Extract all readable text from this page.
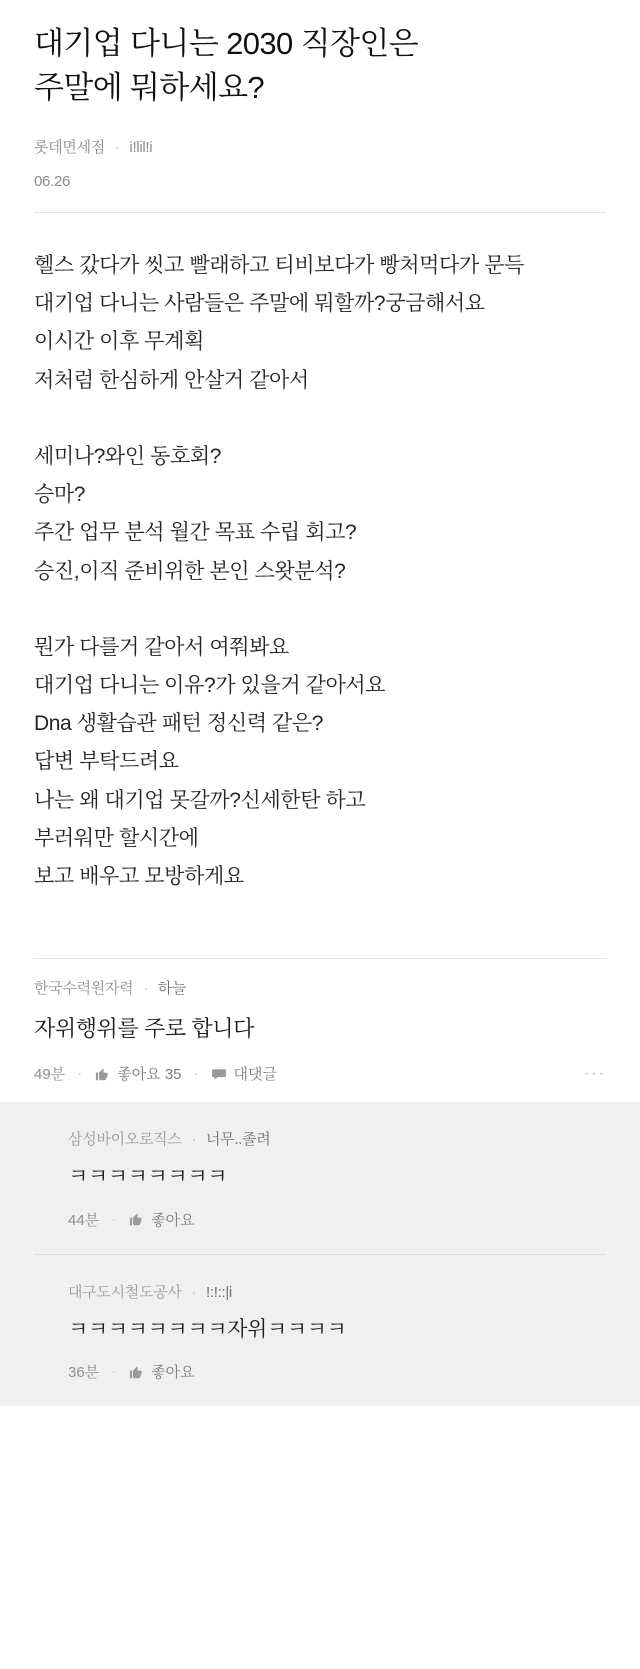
대기업 다니는 2030 직장인은
주말에 뭐하세요?
롯데면세점 · i!lil!i
06.26

헬스 갔다가 씻고 빨래하고 티비보다가 빵처먹다가 문득

대기업 다니는 사람들은 주말에 뭐할까?궁금해서요

이시간 이후 무계획

저처럼 한심하게 안살거 같아서

세미나?와인 동호회?

승마?

주간 업무 분석 월간 목표 수립 회고?

승진,이직 준비위한 본인 스왓분석?

뭔가 다를거 같아서 여쭤봐요

대기업 다니는 이유?가 있을거 같아서요

Dna 생활습관 패턴 정신력 같은?

답변 부탁드려요

나는 왜 대기업 못갈까?신세한탄 하고

부러워만 할시간에

보고 배우고 모방하게요

한국수력원자력 · 하늘
자위행위를 주로 합니다
49분 · 좋아요 35 · 대댓글	···
삼성바이오로직스 · 너무..졸려
ㅋㅋㅋㅋㅋㅋㅋㅋ
44분 · 좋아요
대구도시철도공사 · !:!::|i
ㅋㅋㅋㅋㅋㅋㅋㅋ자위ㅋㅋㅋㅋ
36분 · 좋아요
